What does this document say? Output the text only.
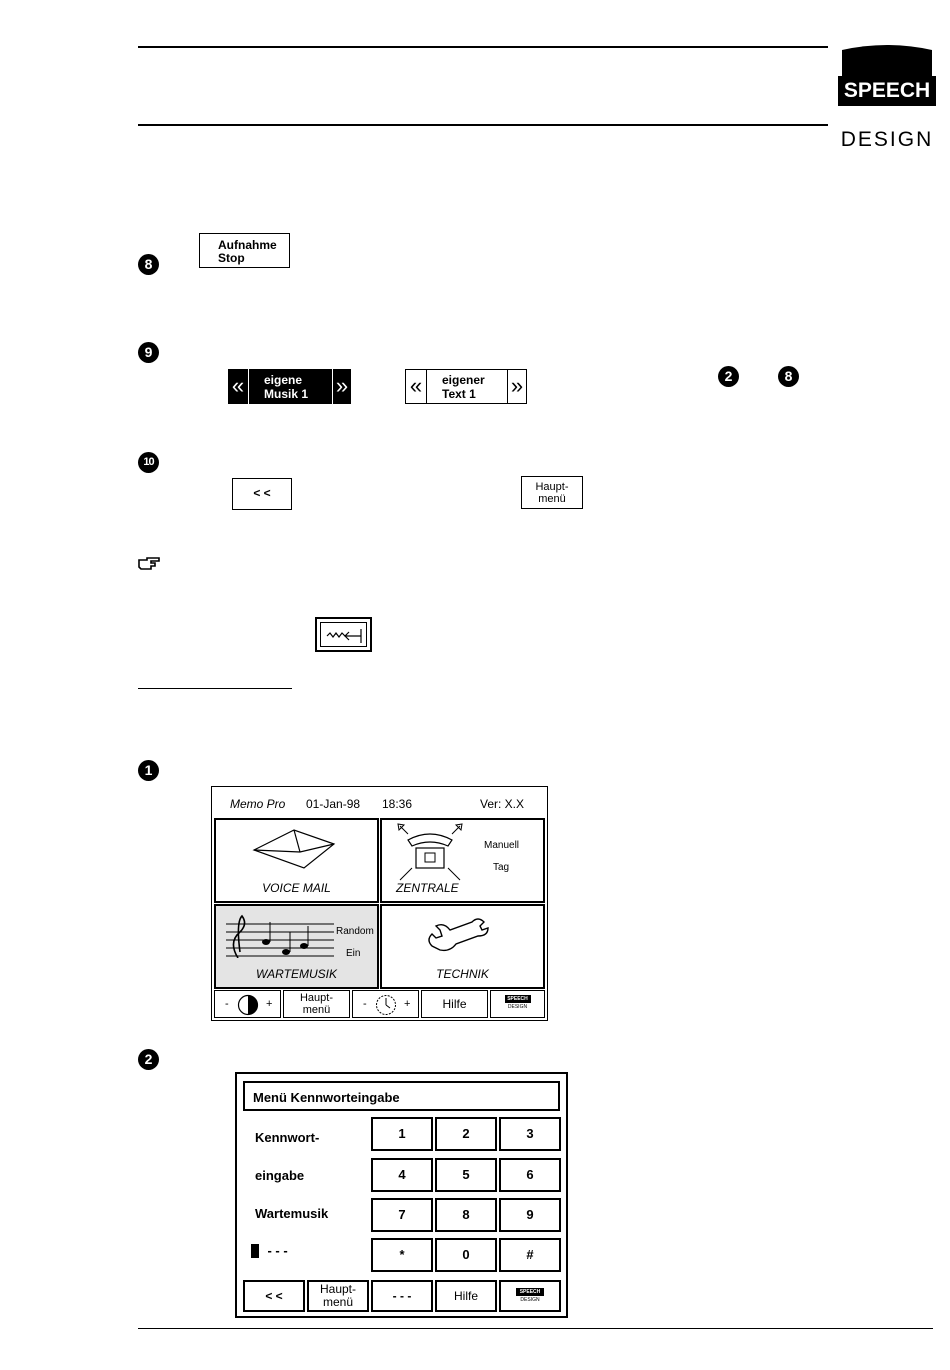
SPEECH
DESIGN
8
Aufnahme
Stop
9
«	eigene
Musik 1 »	«	eigener
Text 1	»	2	8
10
< <	Haupt-
menü
1
Memo Pro 01-Jan-98 18:36	Ver: X.X
VOICE MAIL
Manuell
Tag
ZENTRALE
Random
Ein
WARTEMUSIK	TECHNIK
-	+	Haupt-
menü	-	+	Hilfe	SPEECH
DESIGN
2
Menü Kennworteingabe
Kennwort-
eingabe
Wartemusik
- - -
1	2	3
4	5	6
7	8	9
*	0	#
< <	Haupt-
menü	- - -	Hilfe	SPEECH
DESIGN
